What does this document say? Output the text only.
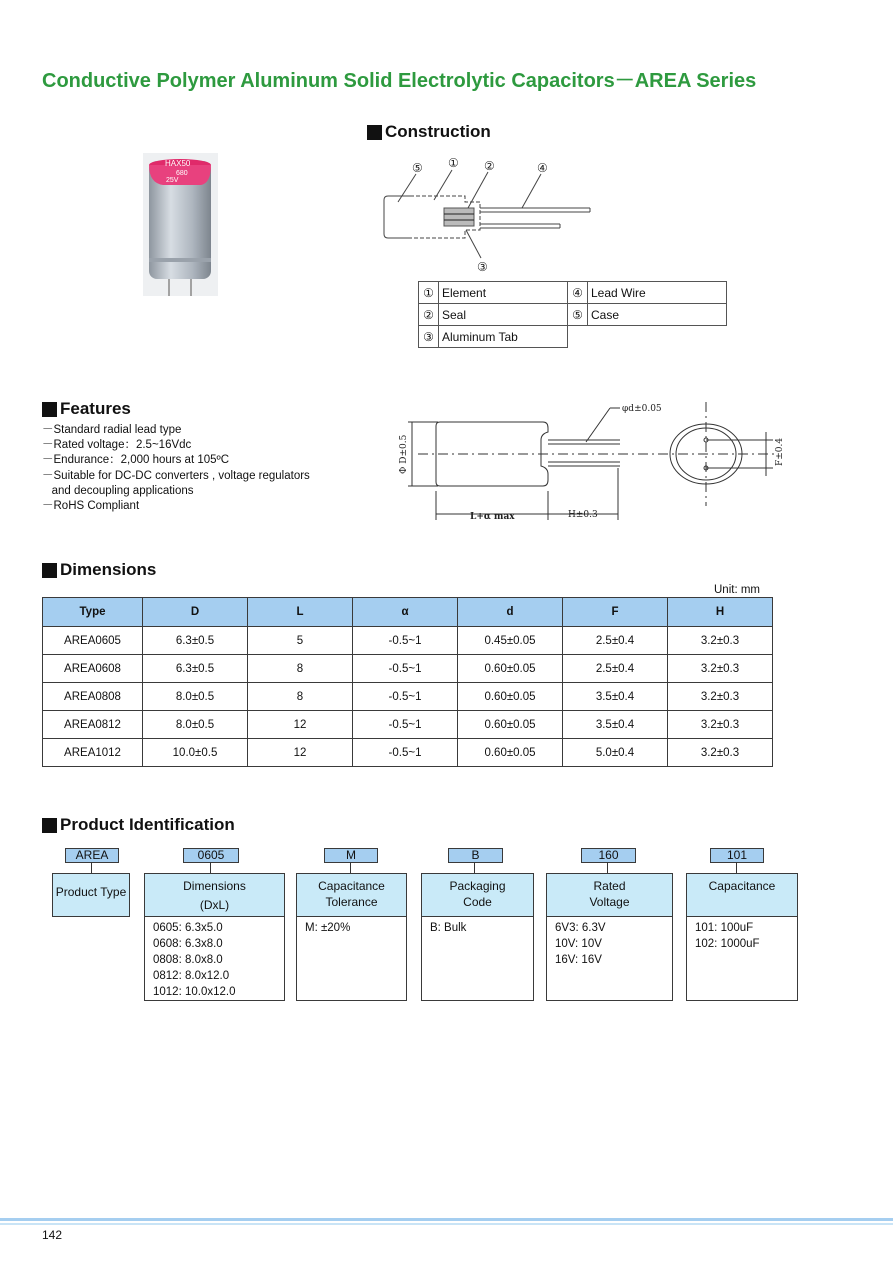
Conductive Polymer Aluminum Solid Electrolytic Capacitors－AREA Series
HAX50
680
25V
Construction
⑤ ① ②	④
③
①	Element	④	Lead Wire
②	Seal	⑤	Case
③	Aluminum Tab		
Features
－Standard radial lead type
－Rated voltage：2.5~16Vdc
－Endurance：2,000 hours at 105ºC
－Suitable for DC-DC converters , voltage regulators
and decoupling applications
－RoHS Compliant
φd±0.05
Φ D±0.5
L+α max	H±0.3
F±0.4
Dimensions
Unit: mm
Type	D	L	α	d	F	H
AREA0605	6.3±0.5	5	-0.5~1	0.45±0.05	2.5±0.4	3.2±0.3
AREA0608	6.3±0.5	8	-0.5~1	0.60±0.05	2.5±0.4	3.2±0.3
AREA0808	8.0±0.5	8	-0.5~1	0.60±0.05	3.5±0.4	3.2±0.3
AREA0812	8.0±0.5	12	-0.5~1	0.60±0.05	3.5±0.4	3.2±0.3
AREA1012	10.0±0.5	12	-0.5~1	0.60±0.05	5.0±0.4	3.2±0.3
Product Identification
AREA	0605	M	B	160	101
Product Type	Dimensions
(DxL)
0605: 6.3x5.0
0608: 6.3x8.0
0808: 8.0x8.0
0812: 8.0x12.0
1012: 10.0x12.0
Capacitance
Tolerance
M: ±20%
Packaging
Code
B: Bulk
Rated
Voltage
6V3: 6.3V
10V: 10V
16V: 16V
Capacitance
101: 100uF
102: 1000uF
142
